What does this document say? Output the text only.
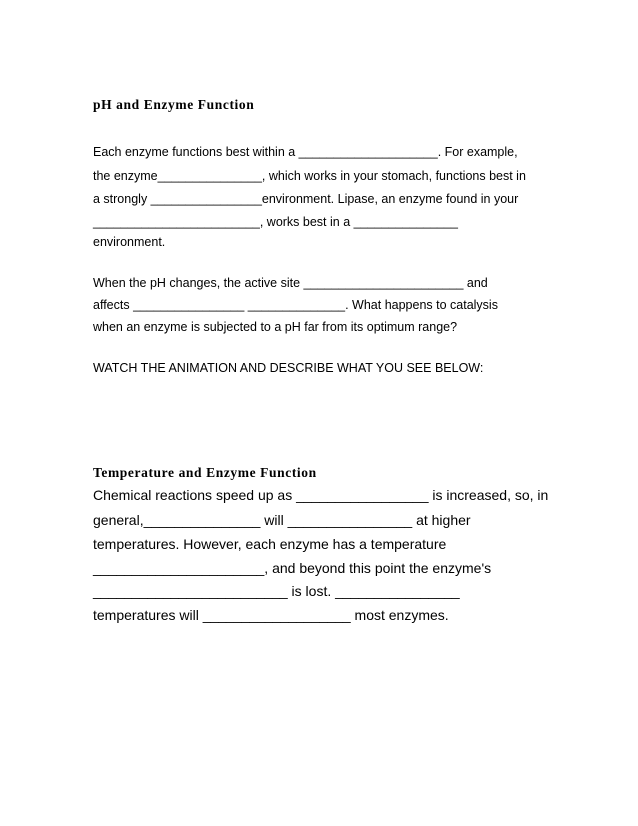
pH and Enzyme Function
Each enzyme functions best within a ____________________. For example,
the enzyme_______________, which works in your stomach, functions best in
a strongly ________________environment. Lipase, an enzyme found in your
________________________, works best in a _______________
environment.
When the pH changes, the active site _______________________ and
affects ________________ ______________. What happens to catalysis
when an enzyme is subjected to a pH far from its optimum range?
WATCH THE ANIMATION AND DESCRIBE WHAT YOU SEE BELOW:
Temperature and Enzyme Function
Chemical reactions speed up as _________________ is increased, so, in
general,_______________ will ________________ at higher
temperatures. However, each enzyme has a temperature
______________________, and beyond this point the enzyme's
_________________________ is lost. ________________
temperatures will ___________________ most enzymes.
